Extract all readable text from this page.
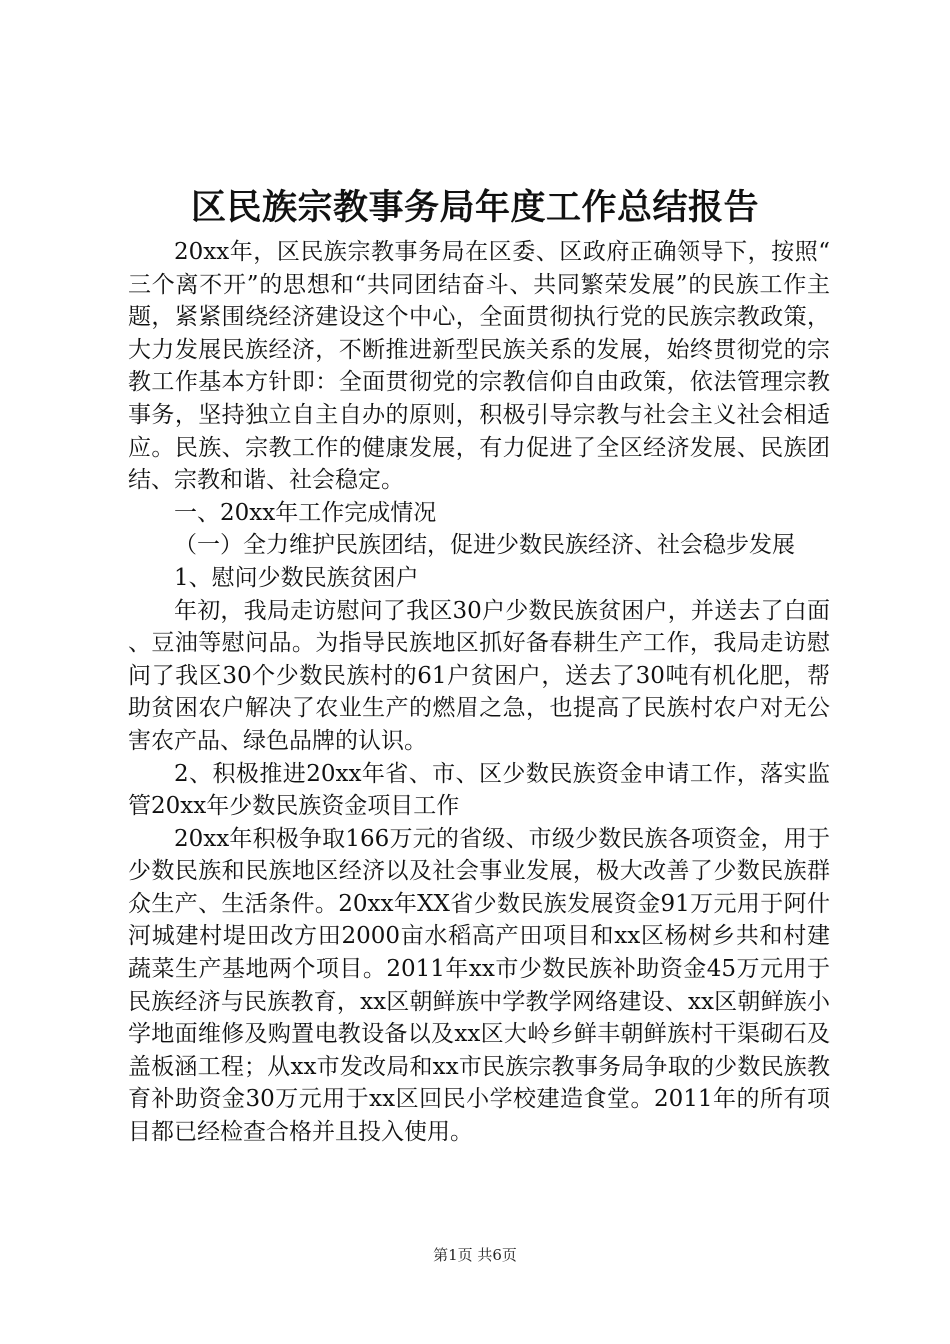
区民族宗教事务局年度工作总结报告

20xx年，区民族宗教事务局在区委、区政府正确领导下，按照“三个离不开”的思想和“共同团结奋斗、共同繁荣发展”的民族工作主题，紧紧围绕经济建设这个中心，全面贯彻执行党的民族宗教政策，大力发展民族经济，不断推进新型民族关系的发展，始终贯彻党的宗教工作基本方针即：全面贯彻党的宗教信仰自由政策，依法管理宗教事务，坚持独立自主自办的原则，积极引导宗教与社会主义社会相适应。民族、宗教工作的健康发展，有力促进了全区经济发展、民族团结、宗教和谐、社会稳定。

一、20xx年工作完成情况

（一）全力维护民族团结，促进少数民族经济、社会稳步发展

1、慰问少数民族贫困户

年初，我局走访慰问了我区30户少数民族贫困户，并送去了白面、豆油等慰问品。为指导民族地区抓好备春耕生产工作，我局走访慰问了我区30个少数民族村的61户贫困户，送去了30吨有机化肥，帮助贫困农户解决了农业生产的燃眉之急，也提高了民族村农户对无公害农产品、绿色品牌的认识。

2、积极推进20xx年省、市、区少数民族资金申请工作，落实监管20xx年少数民族资金项目工作

20xx年积极争取166万元的省级、市级少数民族各项资金，用于少数民族和民族地区经济以及社会事业发展，极大改善了少数民族群众生产、生活条件。20xx年XX省少数民族发展资金91万元用于阿什河城建村堤田改方田2000亩水稻高产田项目和xx区杨树乡共和村建蔬菜生产基地两个项目。2011年xx市少数民族补助资金45万元用于民族经济与民族教育，xx区朝鲜族中学教学网络建设、xx区朝鲜族小学地面维修及购置电教设备以及xx区大岭乡鲜丰朝鲜族村干渠砌石及盖板涵工程；从xx市发改局和xx市民族宗教事务局争取的少数民族教育补助资金30万元用于xx区回民小学校建造食堂。2011年的所有项目都已经检查合格并且投入使用。

第1页 共6页
